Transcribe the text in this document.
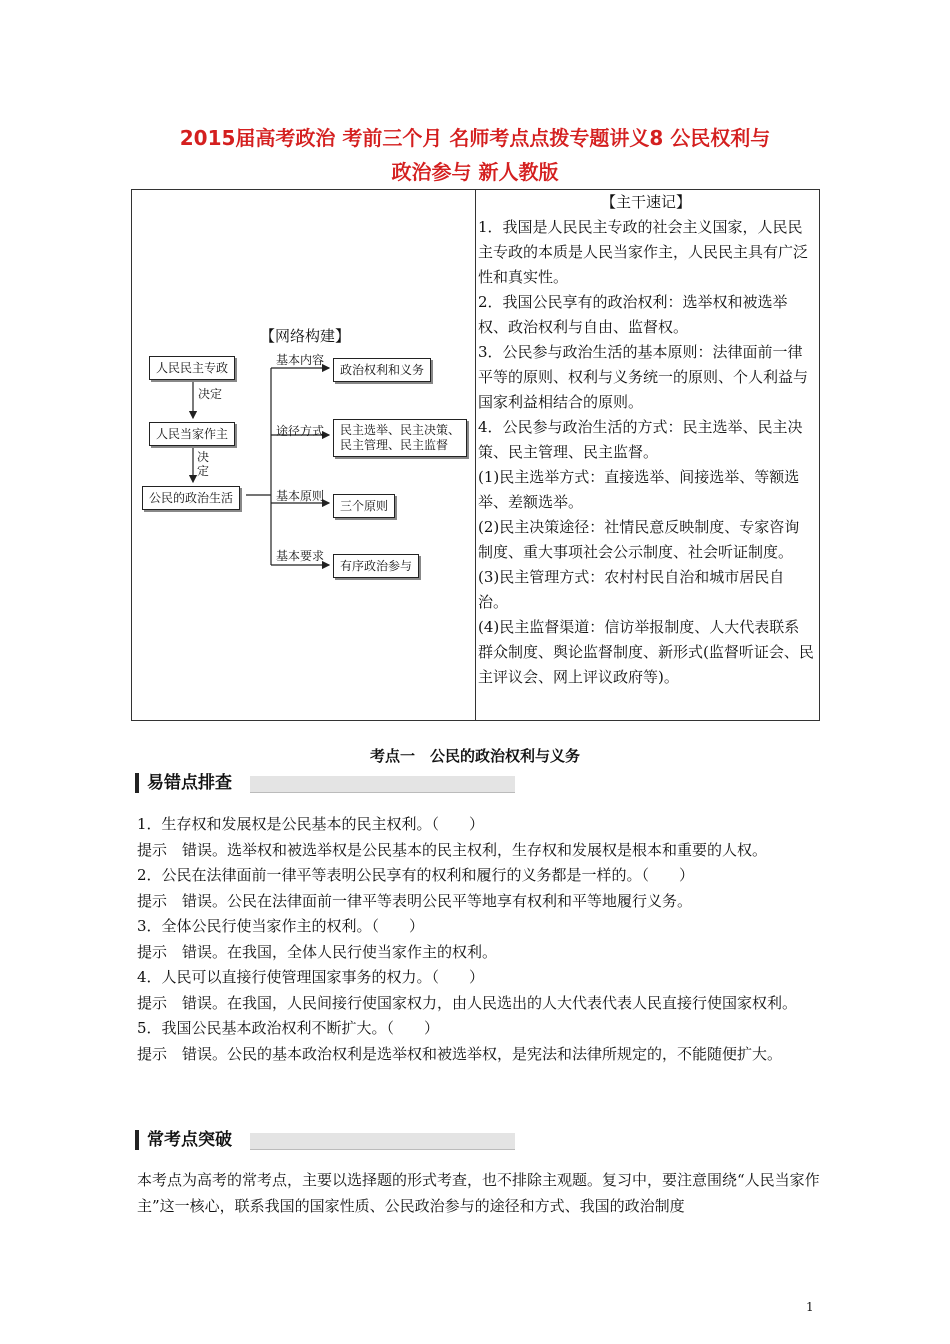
2015届高考政治 考前三个月 名师考点点拨专题讲义8 公民权利与
政治参与 新人教版
【网络构建】
人民民主专政
人民当家作主
公民的政治生活
政治权利和义务
民主选举、民主决策、
民主管理、民主监督
三个原则
有序政治参与
决定
决定
基本内容
途径方式
基本原则
基本要求
【主干速记】
1．我国是人民民主专政的社会主义国家，人民民主专政的本质是人民当家作主，人民民主具有广泛性和真实性。
2．我国公民享有的政治权利：选举权和被选举权、政治权利与自由、监督权。
3．公民参与政治生活的基本原则：法律面前一律平等的原则、权利与义务统一的原则、个人利益与国家利益相结合的原则。
4．公民参与政治生活的方式：民主选举、民主决策、民主管理、民主监督。
(1)民主选举方式：直接选举、间接选举、等额选举、差额选举。
(2)民主决策途径：社情民意反映制度、专家咨询制度、重大事项社会公示制度、社会听证制度。
(3)民主管理方式：农村村民自治和城市居民自治。
(4)民主监督渠道：信访举报制度、人大代表联系群众制度、舆论监督制度、新形式(监督听证会、民主评议会、网上评议政府等)。
考点一　公民的政治权利与义务
易错点排查
1．生存权和发展权是公民基本的民主权利。（　　）
提示　错误。选举权和被选举权是公民基本的民主权利，生存权和发展权是根本和重要的人权。
2．公民在法律面前一律平等表明公民享有的权利和履行的义务都是一样的。（　　）
提示　错误。公民在法律面前一律平等表明公民平等地享有权利和平等地履行义务。
3．全体公民行使当家作主的权利。（　　）
提示　错误。在我国，全体人民行使当家作主的权利。
4．人民可以直接行使管理国家事务的权力。（　　）
提示　错误。在我国，人民间接行使国家权力，由人民选出的人大代表代表人民直接行使国家权利。
5．我国公民基本政治权利不断扩大。（　　）
提示　错误。公民的基本政治权利是选举权和被选举权，是宪法和法律所规定的，不能随便扩大。
常考点突破
本考点为高考的常考点，主要以选择题的形式考查，也不排除主观题。复习中，要注意围绕“人民当家作主”这一核心，联系我国的国家性质、公民政治参与的途径和方式、我国的政治制度
1
